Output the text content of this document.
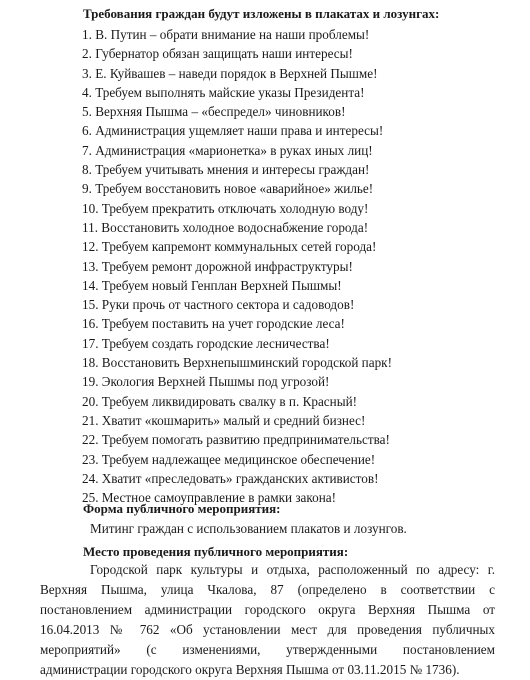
Требования граждан будут изложены в плакатах и лозунгах:
1. В. Путин – обрати внимание на наши проблемы!
2. Губернатор обязан защищать наши интересы!
3. Е. Куйвашев – наведи порядок в Верхней Пышме!
4. Требуем выполнять майские указы Президента!
5. Верхняя Пышма – «беспредел» чиновников!
6. Администрация ущемляет наши права и интересы!
7. Администрация «марионетка» в руках иных лиц!
8. Требуем учитывать мнения и интересы граждан!
9. Требуем восстановить новое «аварийное» жилье!
10. Требуем прекратить отключать холодную воду!
11. Восстановить холодное водоснабжение города!
12. Требуем капремонт коммунальных сетей города!
13. Требуем ремонт дорожной инфраструктуры!
14. Требуем новый Генплан Верхней Пышмы!
15. Руки прочь от частного сектора и садоводов!
16. Требуем поставить на учет городские леса!
17. Требуем создать городские лесничества!
18. Восстановить Верхнепышминский городской парк!
19. Экология Верхней Пышмы под угрозой!
20. Требуем ликвидировать свалку в п. Красный!
21. Хватит «кошмарить» малый и средний бизнес!
22. Требуем помогать развитию предпринимательства!
23. Требуем надлежащее медицинское обеспечение!
24. Хватит «преследовать» гражданских активистов!
25. Местное самоуправление в рамки закона!
Форма публичного мероприятия:
Митинг граждан с использованием плакатов и лозунгов.
Место проведения публичного мероприятия:
Городской парк культуры и отдыха, расположенный по адресу: г. Верхняя Пышма, улица Чкалова, 87 (определено в соответствии с постановлением администрации городского округа Верхняя Пышма от 16.04.2013 № 762 «Об установлении мест для проведения публичных мероприятий» (с изменениями, утвержденными постановлением администрации городского округа Верхняя Пышма от 03.11.2015 № 1736).
